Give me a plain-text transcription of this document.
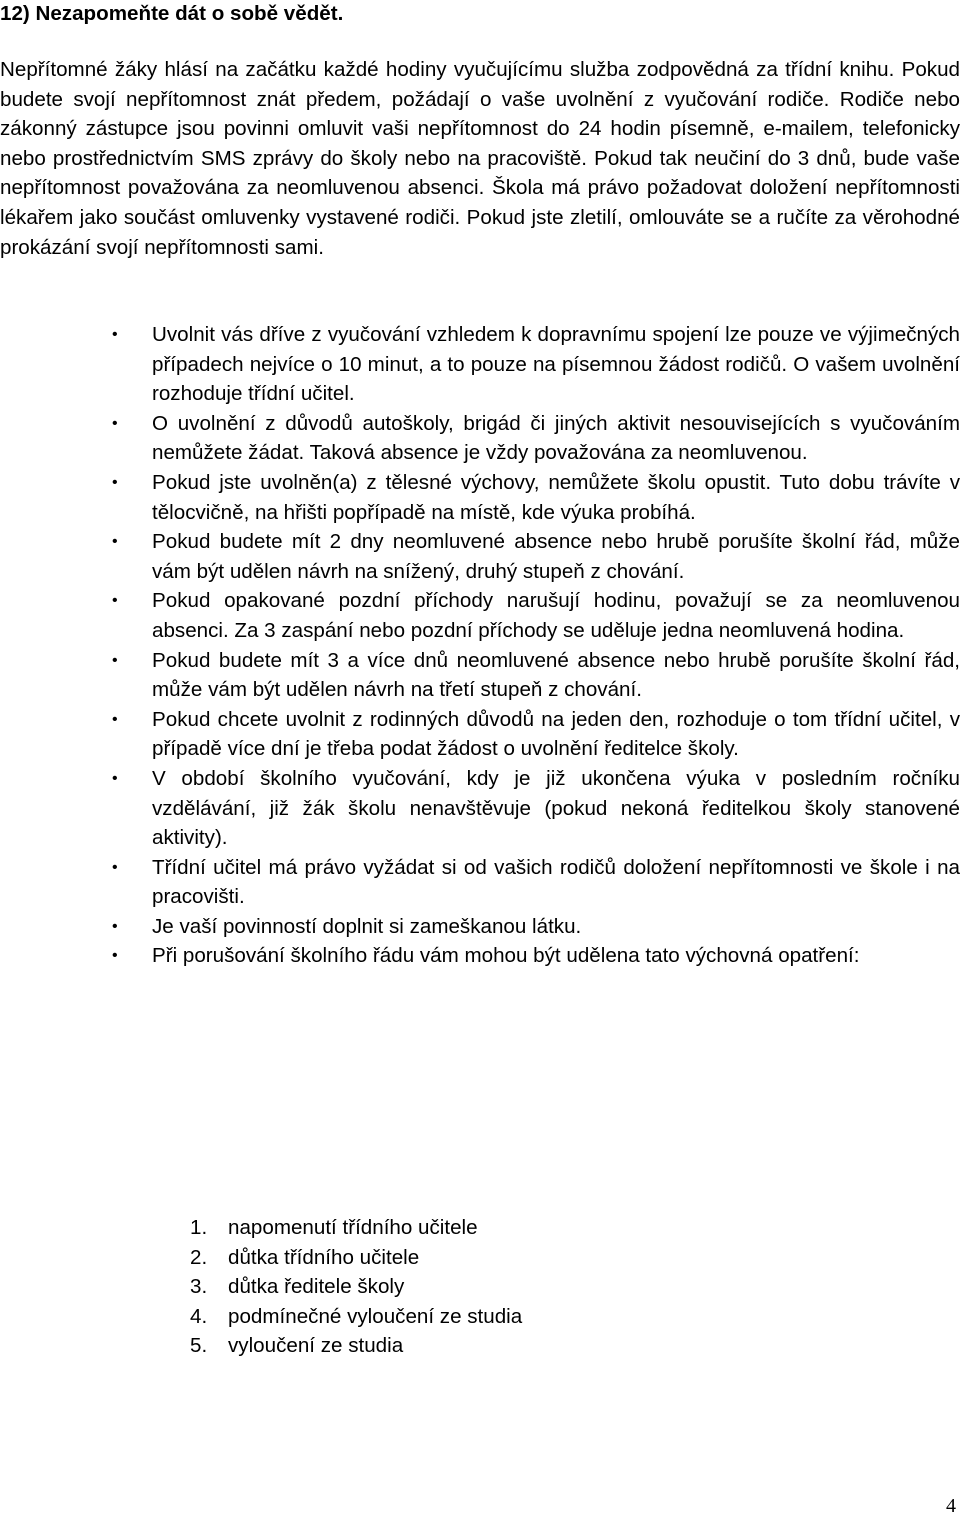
12) Nezapomeňte dát o sobě vědět.

Nepřítomné žáky hlásí na začátku každé hodiny vyučujícímu služba zodpovědná za třídní knihu. Pokud budete svojí nepřítomnost znát předem, požádají o vaše uvolnění z vyučování rodiče. Rodiče nebo zákonný zástupce jsou povinni omluvit vaši nepřítomnost do 24 hodin písemně, e-mailem, telefonicky nebo prostřednictvím SMS zprávy do školy nebo na pracoviště. Pokud tak neučiní do 3 dnů, bude vaše nepřítomnost považována za neomluvenou absenci. Škola má právo požadovat doložení nepřítomnosti lékařem jako součást omluvenky vystavené rodiči. Pokud jste zletilí, omlouváte se a ručíte za věrohodné prokázání svojí nepřítomnosti sami.

•	Uvolnit vás dříve z vyučování vzhledem k dopravnímu spojení lze pouze ve výjimečných případech nejvíce o 10 minut, a to pouze na písemnou žádost rodičů. O vašem uvolnění rozhoduje třídní učitel.
•	O uvolnění z důvodů autoškoly, brigád či jiných aktivit nesouvisejících s vyučováním nemůžete žádat. Taková absence je vždy považována za neomluvenou.
•	Pokud jste uvolněn(a) z tělesné výchovy, nemůžete školu opustit. Tuto dobu trávíte v tělocvičně, na hřišti popřípadě na místě, kde výuka probíhá.
•	Pokud budete mít 2 dny neomluvené absence nebo hrubě porušíte školní řád, může vám být udělen návrh na snížený, druhý stupeň z chování.
•	Pokud opakované pozdní příchody narušují hodinu, považují se za neomluvenou absenci. Za 3 zaspání nebo pozdní příchody se uděluje jedna neomluvená hodina.
•	Pokud budete mít 3 a více dnů neomluvené absence nebo hrubě porušíte školní řád, může vám být udělen návrh na třetí stupeň z chování.
•	Pokud chcete uvolnit z rodinných důvodů na jeden den, rozhoduje o tom třídní učitel, v případě více dní je třeba podat žádost o uvolnění ředitelce školy.
•	V období školního vyučování, kdy je již ukončena výuka v posledním ročníku vzdělávání, již žák školu nenavštěvuje (pokud nekoná ředitelkou školy stanovené aktivity).
•	Třídní učitel má právo vyžádat si od vašich rodičů doložení nepřítomnosti ve škole i na pracovišti.
•	Je vaší povinností doplnit si zameškanou látku.
•	Při porušování školního řádu vám mohou být udělena tato výchovná opatření:
1. napomenutí třídního učitele
2. důtka třídního učitele
3. důtka ředitele školy
4. podmínečné vyloučení ze studia
5. vyloučení ze studia
4
